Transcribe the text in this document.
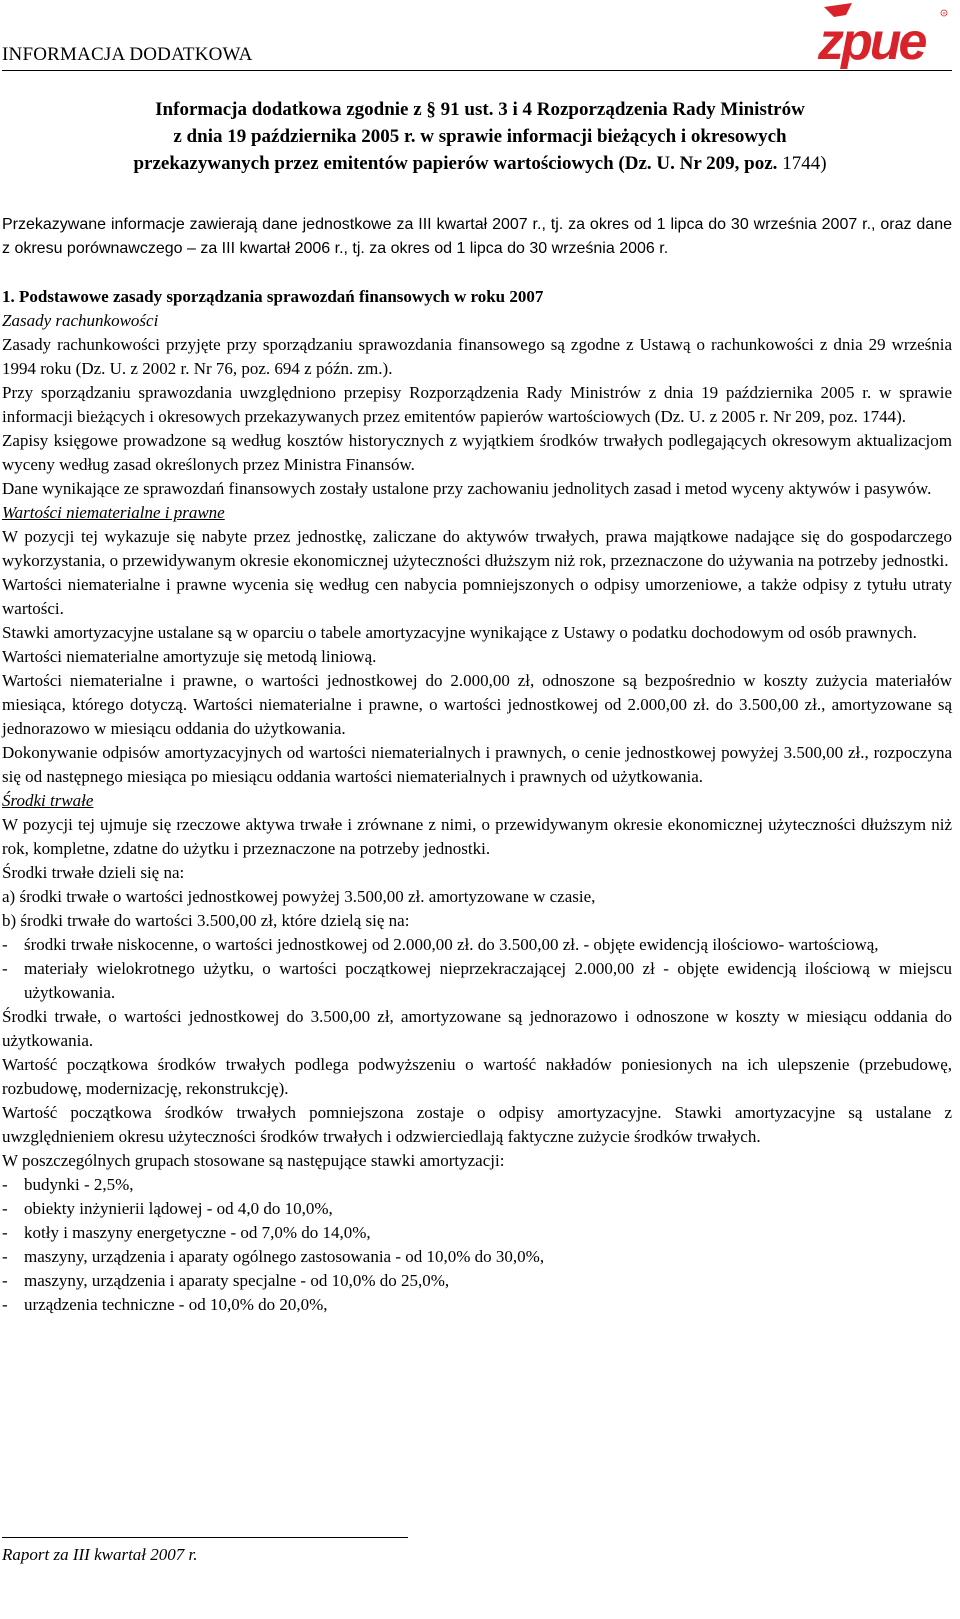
INFORMACJA DODATKOWA	zpue	R
Informacja dodatkowa zgodnie z § 91 ust. 3 i 4 Rozporządzenia Rady Ministrów
z dnia 19 października 2005 r. w sprawie informacji bieżących i okresowych
przekazywanych przez emitentów papierów wartościowych (Dz. U. Nr 209, poz. 1744)

Przekazywane informacje zawierają dane jednostkowe za III kwartał 2007 r., tj. za okres od 1 lipca do 30 września 2007 r., oraz dane z okresu porównawczego – za III kwartał 2006 r., tj. za okres od 1 lipca do 30 września 2006 r.

1. Podstawowe zasady sporządzania sprawozdań finansowych w roku 2007

Zasady rachunkowości

Zasady rachunkowości przyjęte przy sporządzaniu sprawozdania finansowego są zgodne z Ustawą o rachunkowości z dnia 29 września 1994 roku (Dz. U. z 2002 r. Nr 76, poz. 694 z późn. zm.).

Przy sporządzaniu sprawozdania uwzględniono przepisy Rozporządzenia Rady Ministrów z dnia 19 października 2005 r. w sprawie informacji bieżących i okresowych przekazywanych przez emitentów papierów wartościowych (Dz. U. z 2005 r. Nr 209, poz. 1744).

Zapisy księgowe prowadzone są według kosztów historycznych z wyjątkiem środków trwałych podlegających okresowym aktualizacjom wyceny według zasad określonych przez Ministra Finansów.

Dane wynikające ze sprawozdań finansowych zostały ustalone przy zachowaniu jednolitych zasad i metod wyceny aktywów i pasywów.

Wartości niematerialne i prawne

W pozycji tej wykazuje się nabyte przez jednostkę, zaliczane do aktywów trwałych, prawa majątkowe nadające się do gospodarczego wykorzystania, o przewidywanym okresie ekonomicznej użyteczności dłuższym niż rok, przeznaczone do używania na potrzeby jednostki.

Wartości niematerialne i prawne wycenia się według cen nabycia pomniejszonych o odpisy umorzeniowe, a także odpisy z tytułu utraty wartości.

Stawki amortyzacyjne ustalane są w oparciu o tabele amortyzacyjne wynikające z Ustawy o podatku dochodowym od osób prawnych.

Wartości niematerialne amortyzuje się metodą liniową.

Wartości niematerialne i prawne, o wartości jednostkowej do 2.000,00 zł, odnoszone są bezpośrednio w koszty zużycia materiałów miesiąca, którego dotyczą. Wartości niematerialne i prawne, o wartości jednostkowej od 2.000,00 zł. do 3.500,00 zł., amortyzowane są jednorazowo w miesiącu oddania do użytkowania.

Dokonywanie odpisów amortyzacyjnych od wartości niematerialnych i prawnych, o cenie jednostkowej powyżej 3.500,00 zł., rozpoczyna się od następnego miesiąca po miesiącu oddania wartości niematerialnych i prawnych od użytkowania.

Środki trwałe

W pozycji tej ujmuje się rzeczowe aktywa trwałe i zrównane z nimi, o przewidywanym okresie ekonomicznej użyteczności dłuższym niż rok, kompletne, zdatne do użytku i przeznaczone na potrzeby jednostki.

Środki trwałe dzieli się na:

a) środki trwałe o wartości jednostkowej powyżej 3.500,00 zł. amortyzowane w czasie,

b) środki trwałe do wartości 3.500,00 zł, które dzielą się na:

- środki trwałe niskocenne, o wartości jednostkowej od 2.000,00 zł. do 3.500,00 zł. - objęte ewidencją ilościowo- wartościową,
- materiały wielokrotnego użytku, o wartości początkowej nieprzekraczającej 2.000,00 zł - objęte ewidencją ilościową w miejscu użytkowania.

Środki trwałe, o wartości jednostkowej do 3.500,00 zł, amortyzowane są jednorazowo i odnoszone w koszty w miesiącu oddania do użytkowania.

Wartość początkowa środków trwałych podlega podwyższeniu o wartość nakładów poniesionych na ich ulepszenie (przebudowę, rozbudowę, modernizację, rekonstrukcję).

Wartość początkowa środków trwałych pomniejszona zostaje o odpisy amortyzacyjne. Stawki amortyzacyjne są ustalane z uwzględnieniem okresu użyteczności środków trwałych i odzwierciedlają faktyczne zużycie środków trwałych.

W poszczególnych grupach stosowane są następujące stawki amortyzacji:

- budynki - 2,5%,
- obiekty inżynierii lądowej - od 4,0 do 10,0%,
- kotły i maszyny energetyczne - od 7,0% do 14,0%,
- maszyny, urządzenia i aparaty ogólnego zastosowania - od 10,0% do 30,0%,
- maszyny, urządzenia i aparaty specjalne - od 10,0% do 25,0%,
- urządzenia techniczne - od 10,0% do 20,0%,
Raport za III kwartał 2007 r.
